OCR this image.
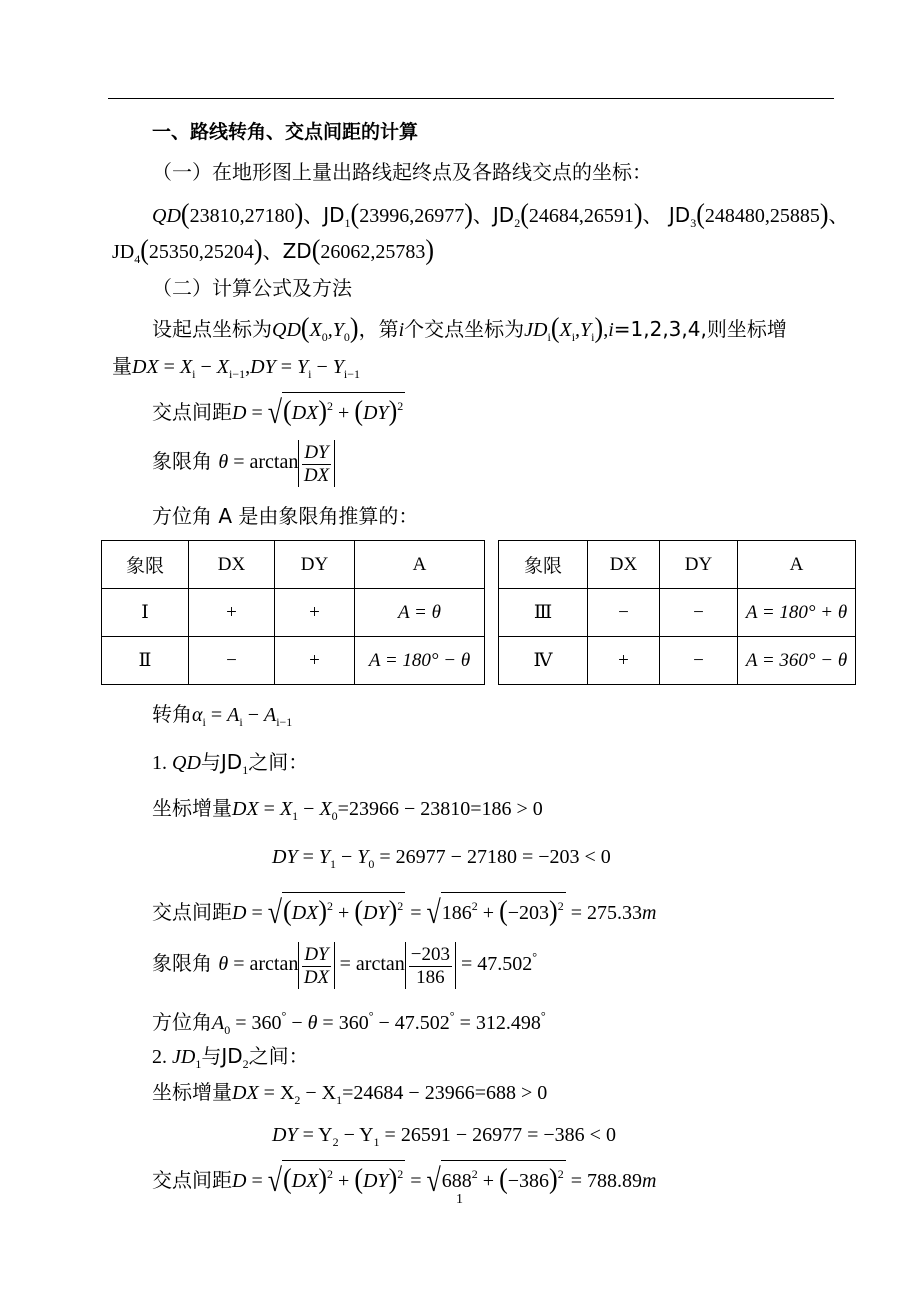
一、路线转角、交点间距的计算
（一）在地形图上量出路线起终点及各路线交点的坐标：
QD(23810,27180)、$JD_1(23996,26977)$、$JD_2(24684,26591)$、 $JD_3(248480,25885)$、
$JD_4(25350,25204)$、ZD(26062,25783)
（二）计算公式及方法
设起点坐标为$QD(X_0,Y_0)$，第i个交点坐标为$JD_i(X_i,Y_i),i=1,2,3,4$,则坐标增
量DX = $X_i - X_{i-1},DY = Y_i - Y_{i-1}$
交点间距D = √(DX)$^2$ + (DY)$^2$
象限角 $\theta = \arctan \frac{DY}{DX}$
方位角 A 是由象限角推算的：
转角$\alpha_i = A_i - A_{i-1}$
1. QD与$JD_1$之间：
坐标增量DX = $X_1 - X_0=23966 - 23810=186 > 0$
DY = $Y_1 - Y_0 = 26977 - 27180 = -203 < 0$
交点间距$D = √(DX)^2 + (DY)^2 = √186^2 + (-203)^2 = 275.33m$
象限角 $\theta = \arctan \frac{DY}{DX} = \arctan \frac{-203}{186} = 47.502^\circ$
方位角$A_0 = 360^\circ - \theta = 360^\circ - 47.502^\circ = 312.498^\circ$
2. $JD_1$与$JD_2$之间：
坐标增量DX = $X_2 - X_1=24684 - 23966=688 > 0$
DY = $Y_2 - Y_1 = 26591 - 26977 = -386 < 0$
交点间距$D = √(DX)^2 + (DY)^2 = √688^2 + (-386)^2 = 788.89m$
象限	DX	DY	A
Ⅰ	+	+	A = θ
Ⅱ	−	+	A = 180° − θ
象限	DX	DY	A
Ⅲ	−	−	A = 180° + θ
Ⅳ	+	−	A = 360° − θ
1
